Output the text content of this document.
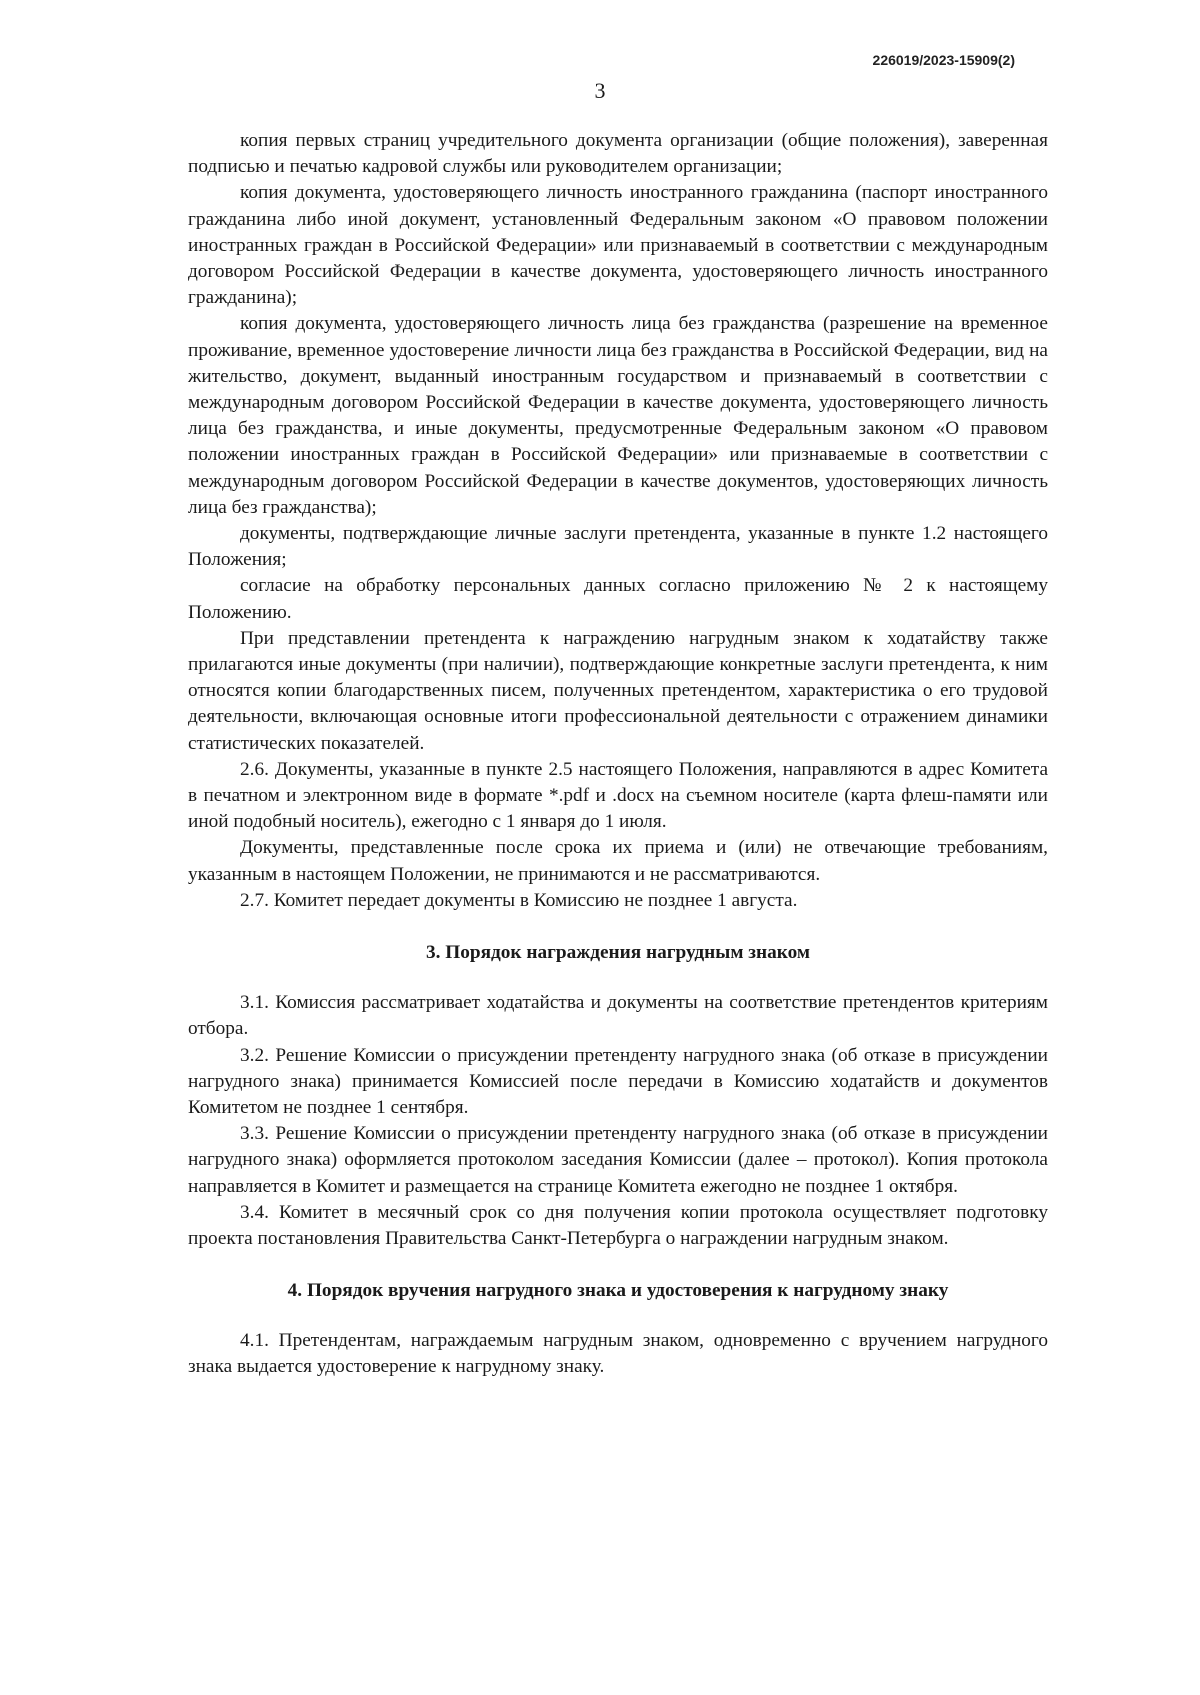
226019/2023-15909(2)
3

копия первых страниц учредительного документа организации (общие положения), заверенная подписью и печатью кадровой службы или руководителем организации;

копия документа, удостоверяющего личность иностранного гражданина (паспорт иностранного гражданина либо иной документ, установленный Федеральным законом «О правовом положении иностранных граждан в Российской Федерации» или признаваемый в соответствии с международным договором Российской Федерации в качестве документа, удостоверяющего личность иностранного гражданина);

копия документа, удостоверяющего личность лица без гражданства (разрешение на временное проживание, временное удостоверение личности лица без гражданства в Российской Федерации, вид на жительство, документ, выданный иностранным государством и признаваемый в соответствии с международным договором Российской Федерации в качестве документа, удостоверяющего личность лица без гражданства, и иные документы, предусмотренные Федеральным законом «О правовом положении иностранных граждан в Российской Федерации» или признаваемые в соответствии с международным договором Российской Федерации в качестве документов, удостоверяющих личность лица без гражданства);

документы, подтверждающие личные заслуги претендента, указанные в пункте 1.2 настоящего Положения;

согласие на обработку персональных данных согласно приложению № 2 к настоящему Положению.

При представлении претендента к награждению нагрудным знаком к ходатайству также прилагаются иные документы (при наличии), подтверждающие конкретные заслуги претендента, к ним относятся копии благодарственных писем, полученных претендентом, характеристика о его трудовой деятельности, включающая основные итоги профессиональной деятельности с отражением динамики статистических показателей.

2.6. Документы, указанные в пункте 2.5 настоящего Положения, направляются в адрес Комитета в печатном и электронном виде в формате *.pdf и .docx на съемном носителе (карта флеш-памяти или иной подобный носитель), ежегодно с 1 января до 1 июля.

Документы, представленные после срока их приема и (или) не отвечающие требованиям, указанным в настоящем Положении, не принимаются и не рассматриваются.

2.7. Комитет передает документы в Комиссию не позднее 1 августа.

3. Порядок награждения нагрудным знаком

3.1. Комиссия рассматривает ходатайства и документы на соответствие претендентов критериям отбора.

3.2. Решение Комиссии о присуждении претенденту нагрудного знака (об отказе в присуждении нагрудного знака) принимается Комиссией после передачи в Комиссию ходатайств и документов Комитетом не позднее 1 сентября.

3.3. Решение Комиссии о присуждении претенденту нагрудного знака (об отказе в присуждении нагрудного знака) оформляется протоколом заседания Комиссии (далее – протокол). Копия протокола направляется в Комитет и размещается на странице Комитета ежегодно не позднее 1 октября.

3.4. Комитет в месячный срок со дня получения копии протокола осуществляет подготовку проекта постановления Правительства Санкт-Петербурга о награждении нагрудным знаком.

4. Порядок вручения нагрудного знака и удостоверения к нагрудному знаку

4.1. Претендентам, награждаемым нагрудным знаком, одновременно с вручением нагрудного знака выдается удостоверение к нагрудному знаку.
